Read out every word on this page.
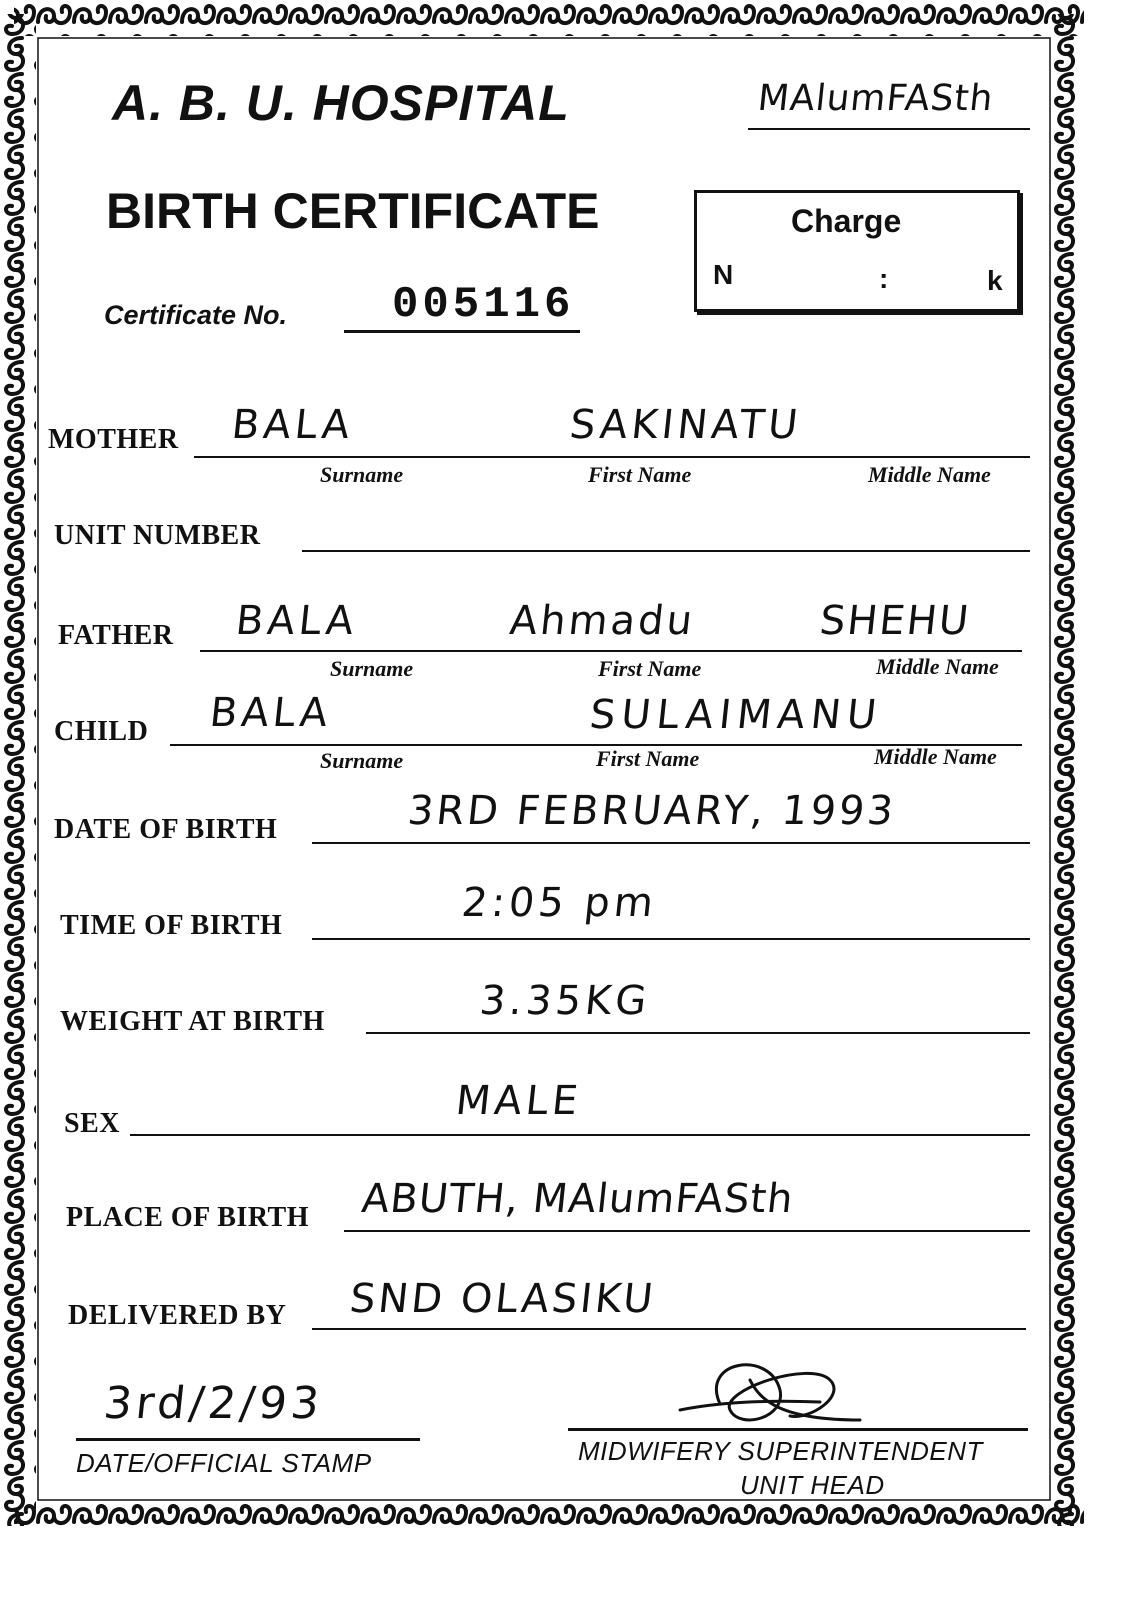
A. B. U. HOSPITAL	MAlumFASth
BIRTH CERTIFICATE	Charge
N	:	k
Certificate No. 005116
MOTHER BALA	SAKINATU
Surname	First Name	Middle Name
UNIT NUMBER
FATHER BALA	Ahmadu	SHEHU
Surname	First Name	Middle Name
CHILD BALA	SULAIMANU
Surname	First Name	Middle Name
DATE OF BIRTH	3RD FEBRUARY, 1993
TIME OF BIRTH	2:05 pm
WEIGHT AT BIRTH	3.35KG
SEX	MALE
PLACE OF BIRTH ABUTH, MAlumFASth
DELIVERED BY SND OLASIKU
3rd/2/93
DATE/OFFICIAL STAMP	MIDWIFERY SUPERINTENDENT
UNIT HEAD
